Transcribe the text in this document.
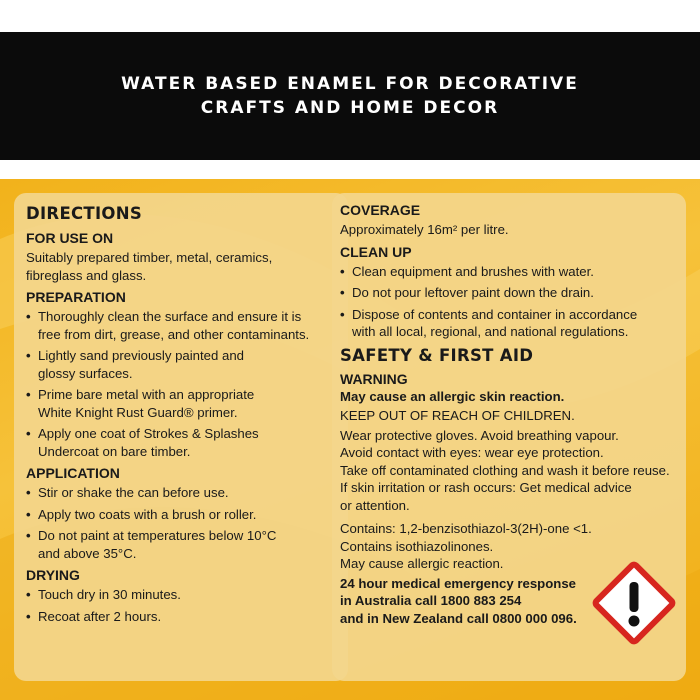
WATER BASED ENAMEL FOR DECORATIVE
CRAFTS AND HOME DECOR
DIRECTIONS
FOR USE ON

Suitably prepared timber, metal, ceramics,
fibreglass and glass.

PREPARATION
• Thoroughly clean the surface and ensure it is
free from dirt, grease, and other contaminants.
• Lightly sand previously painted and
glossy surfaces.
• Prime bare metal with an appropriate
White Knight Rust Guard® primer.
• Apply one coat of Strokes & Splashes
Undercoat on bare timber.
APPLICATION
• Stir or shake the can before use.
• Apply two coats with a brush or roller.
• Do not paint at temperatures below 10°C
and above 35°C.
DRYING
• Touch dry in 30 minutes.
• Recoat after 2 hours.
COVERAGE

Approximately 16m² per litre.

CLEAN UP
• Clean equipment and brushes with water.
• Do not pour leftover paint down the drain.
• Dispose of contents and container in accordance
with all local, regional, and national regulations.
SAFETY & FIRST AID
WARNING
May cause an allergic skin reaction.
KEEP OUT OF REACH OF CHILDREN.
Wear protective gloves. Avoid breathing vapour.
Avoid contact with eyes: wear eye protection.
Take off contaminated clothing and wash it before reuse.
If skin irritation or rash occurs: Get medical advice
or attention.
Contains: 1,2-benzisothiazol-3(2H)-one <1.
Contains isothiazolinones.
May cause allergic reaction.
24 hour medical emergency response
in Australia call 1800 883 254
and in New Zealand call 0800 000 096.
